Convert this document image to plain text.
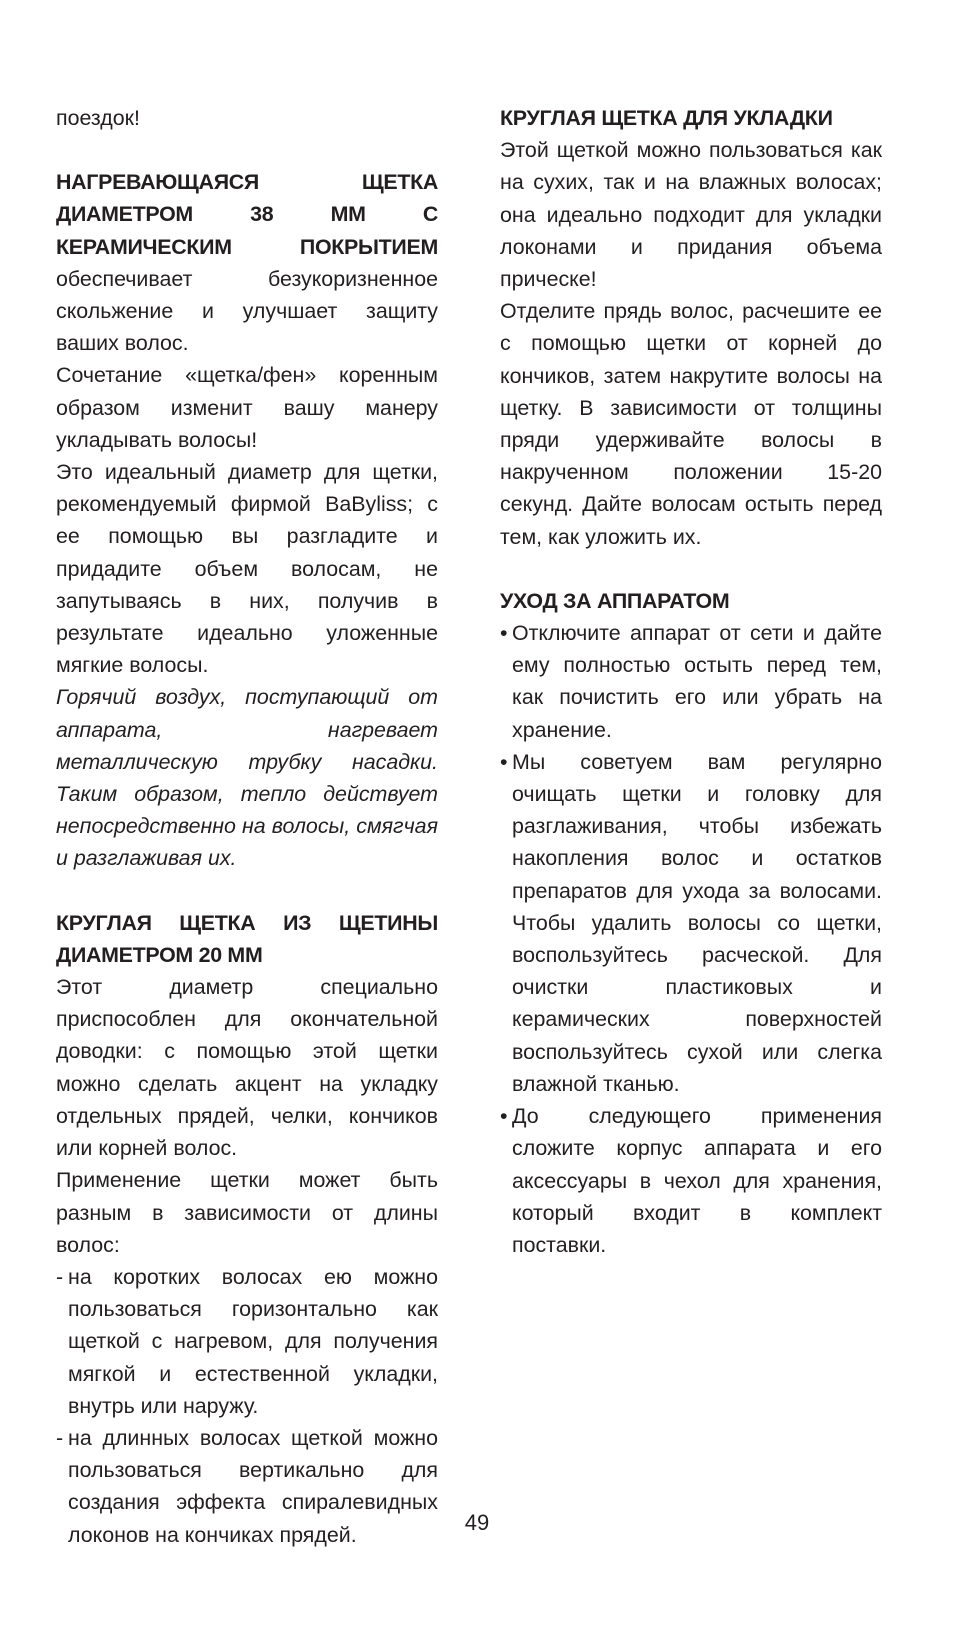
поездок!

НАГРЕВАЮЩАЯСЯ ЩЕТКА ДИАМЕТРОМ 38 ММ С КЕРАМИЧЕСКИМ ПОКРЫТИЕМ обеспечивает безукоризненное скольжение и улучшает защиту ваших волос.

Сочетание «щетка/фен» коренным образом изменит вашу манеру укладывать волосы!

Это идеальный диаметр для щетки, рекомендуемый фирмой BaByliss; с ее помощью вы разгладите и придадите объем волосам, не запутываясь в них, получив в результате идеально уложенные мягкие волосы.

Горячий воздух, поступающий от аппарата, нагревает металлическую трубку насадки. Таким образом, тепло действует непосредственно на волосы, смягчая и разглаживая их.

КРУГЛАЯ ЩЕТКА ИЗ ЩЕТИНЫ ДИАМЕТРОМ 20 ММ

Этот диаметр специально приспособлен для окончательной доводки: с помощью этой щетки можно сделать акцент на укладку отдельных прядей, челки, кончиков или корней волос.

Применение щетки может быть разным в зависимости от длины волос:

- на коротких волосах ею можно пользоваться горизонтально как щеткой с нагревом, для получения мягкой и естественной укладки, внутрь или наружу.
- на длинных волосах щеткой можно пользоваться вертикально для создания эффекта спиралевидных локонов на кончиках прядей.

КРУГЛАЯ ЩЕТКА ДЛЯ УКЛАДКИ

Этой щеткой можно пользоваться как на сухих, так и на влажных волосах; она идеально подходит для укладки локонами и придания объема прическе!

Отделите прядь волос, расчешите ее с помощью щетки от корней до кончиков, затем накрутите волосы на щетку. В зависимости от толщины пряди удерживайте волосы в накрученном положении 15-20 секунд. Дайте волосам остыть перед тем, как уложить их.

УХОД ЗА АППАРАТОМ

• Отключите аппарат от сети и дайте ему полностью остыть перед тем, как почистить его или убрать на хранение.
• Мы советуем вам регулярно очищать щетки и головку для разглаживания, чтобы избежать накопления волос и остатков препаратов для ухода за волосами. Чтобы удалить волосы со щетки, воспользуйтесь расческой. Для очистки пластиковых и керамических поверхностей воспользуйтесь сухой или слегка влажной тканью.
• До следующего применения сложите корпус аппарата и его аксессуары в чехол для хранения, который входит в комплект поставки.
49
